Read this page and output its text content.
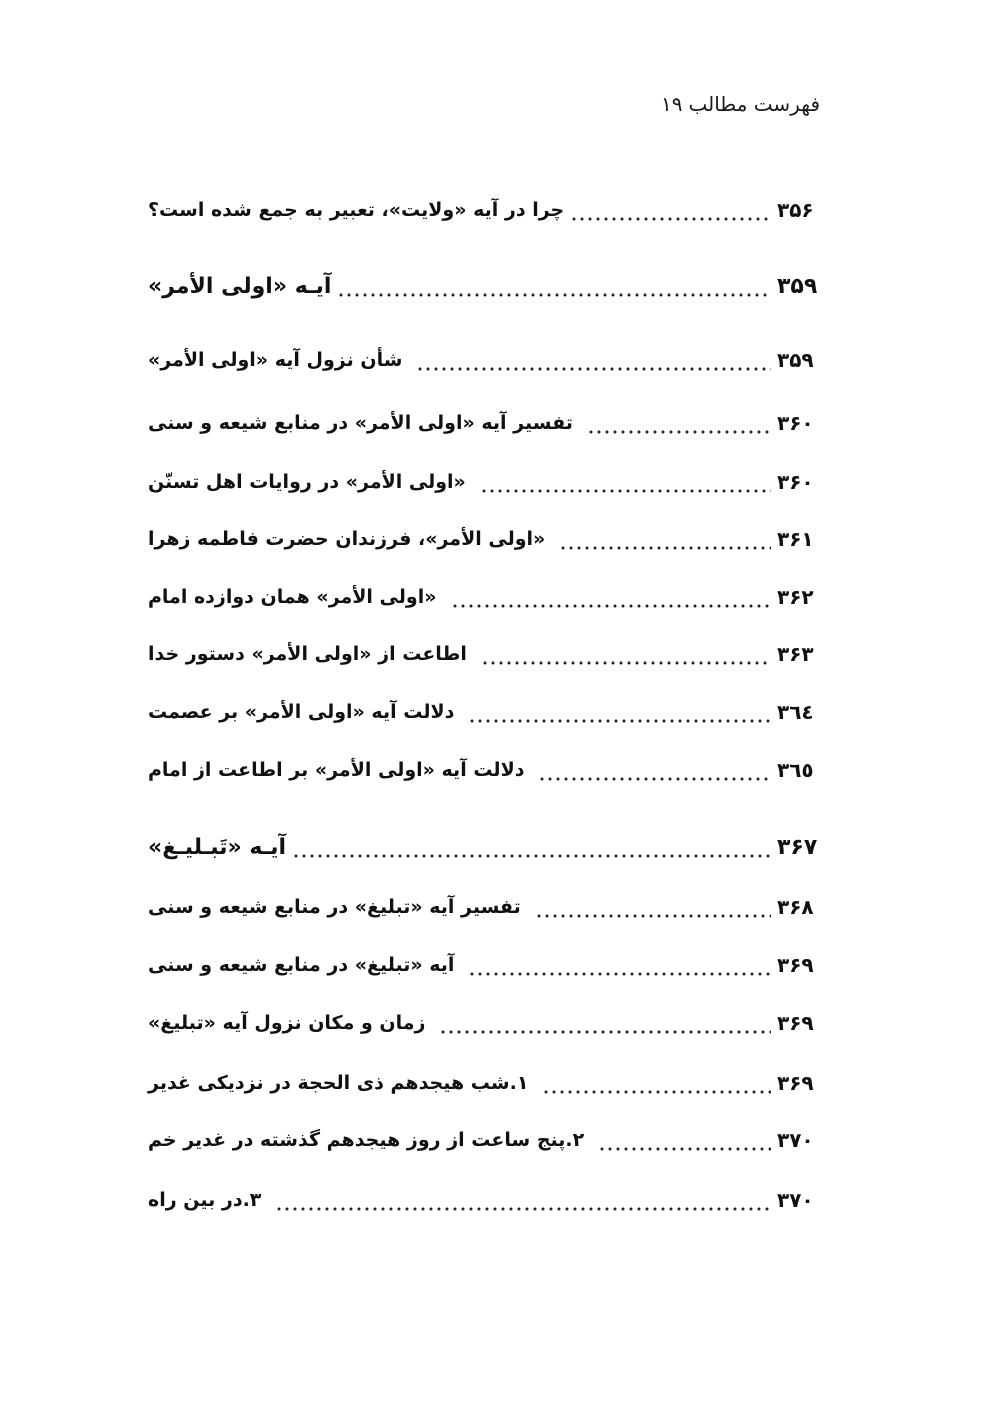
فهرست مطالب۱۹
چرا در آیه «ولایت»، تعبیر به جمع شده است؟	۳۵۶
آیـه «اولی الأمر»	۳۵۹
شأن نزول آیه «اولی الأمر»	۳۵۹
تفسیر آیه «اولی الأمر» در منابع شیعه و سنی	۳۶۰
«اولی الأمر» در روایات اهل تسنّن	۳۶۰
«اولی الأمر»، فرزندان حضرت فاطمه زهرا	۳۶۱
«اولی الأمر» همان دوازده امام	۳۶۲
اطاعت از «اولی الأمر» دستور خدا	۳۶۳
دلالت آیه «اولی الأمر» بر عصمت	۳٦٤
دلالت آیه «اولی الأمر» بر اطاعت از امام	۳٦٥
آیـه «تَبـلیـغ»	۳۶۷
تفسیر آیه «تبلیغ» در منابع شیعه و سنی	۳۶۸
آیه «تبلیغ» در منابع شیعه و سنی	۳۶۹
زمان و مکان نزول آیه «تبلیغ»	۳۶۹
۱.شب هیجدهم ذی الحجة در نزدیکی غدیر	۳۶۹
۲.پنج ساعت از روز هیجدهم گذشته در غدیر خم	۳۷۰
۳.در بین راه	۳۷۰
